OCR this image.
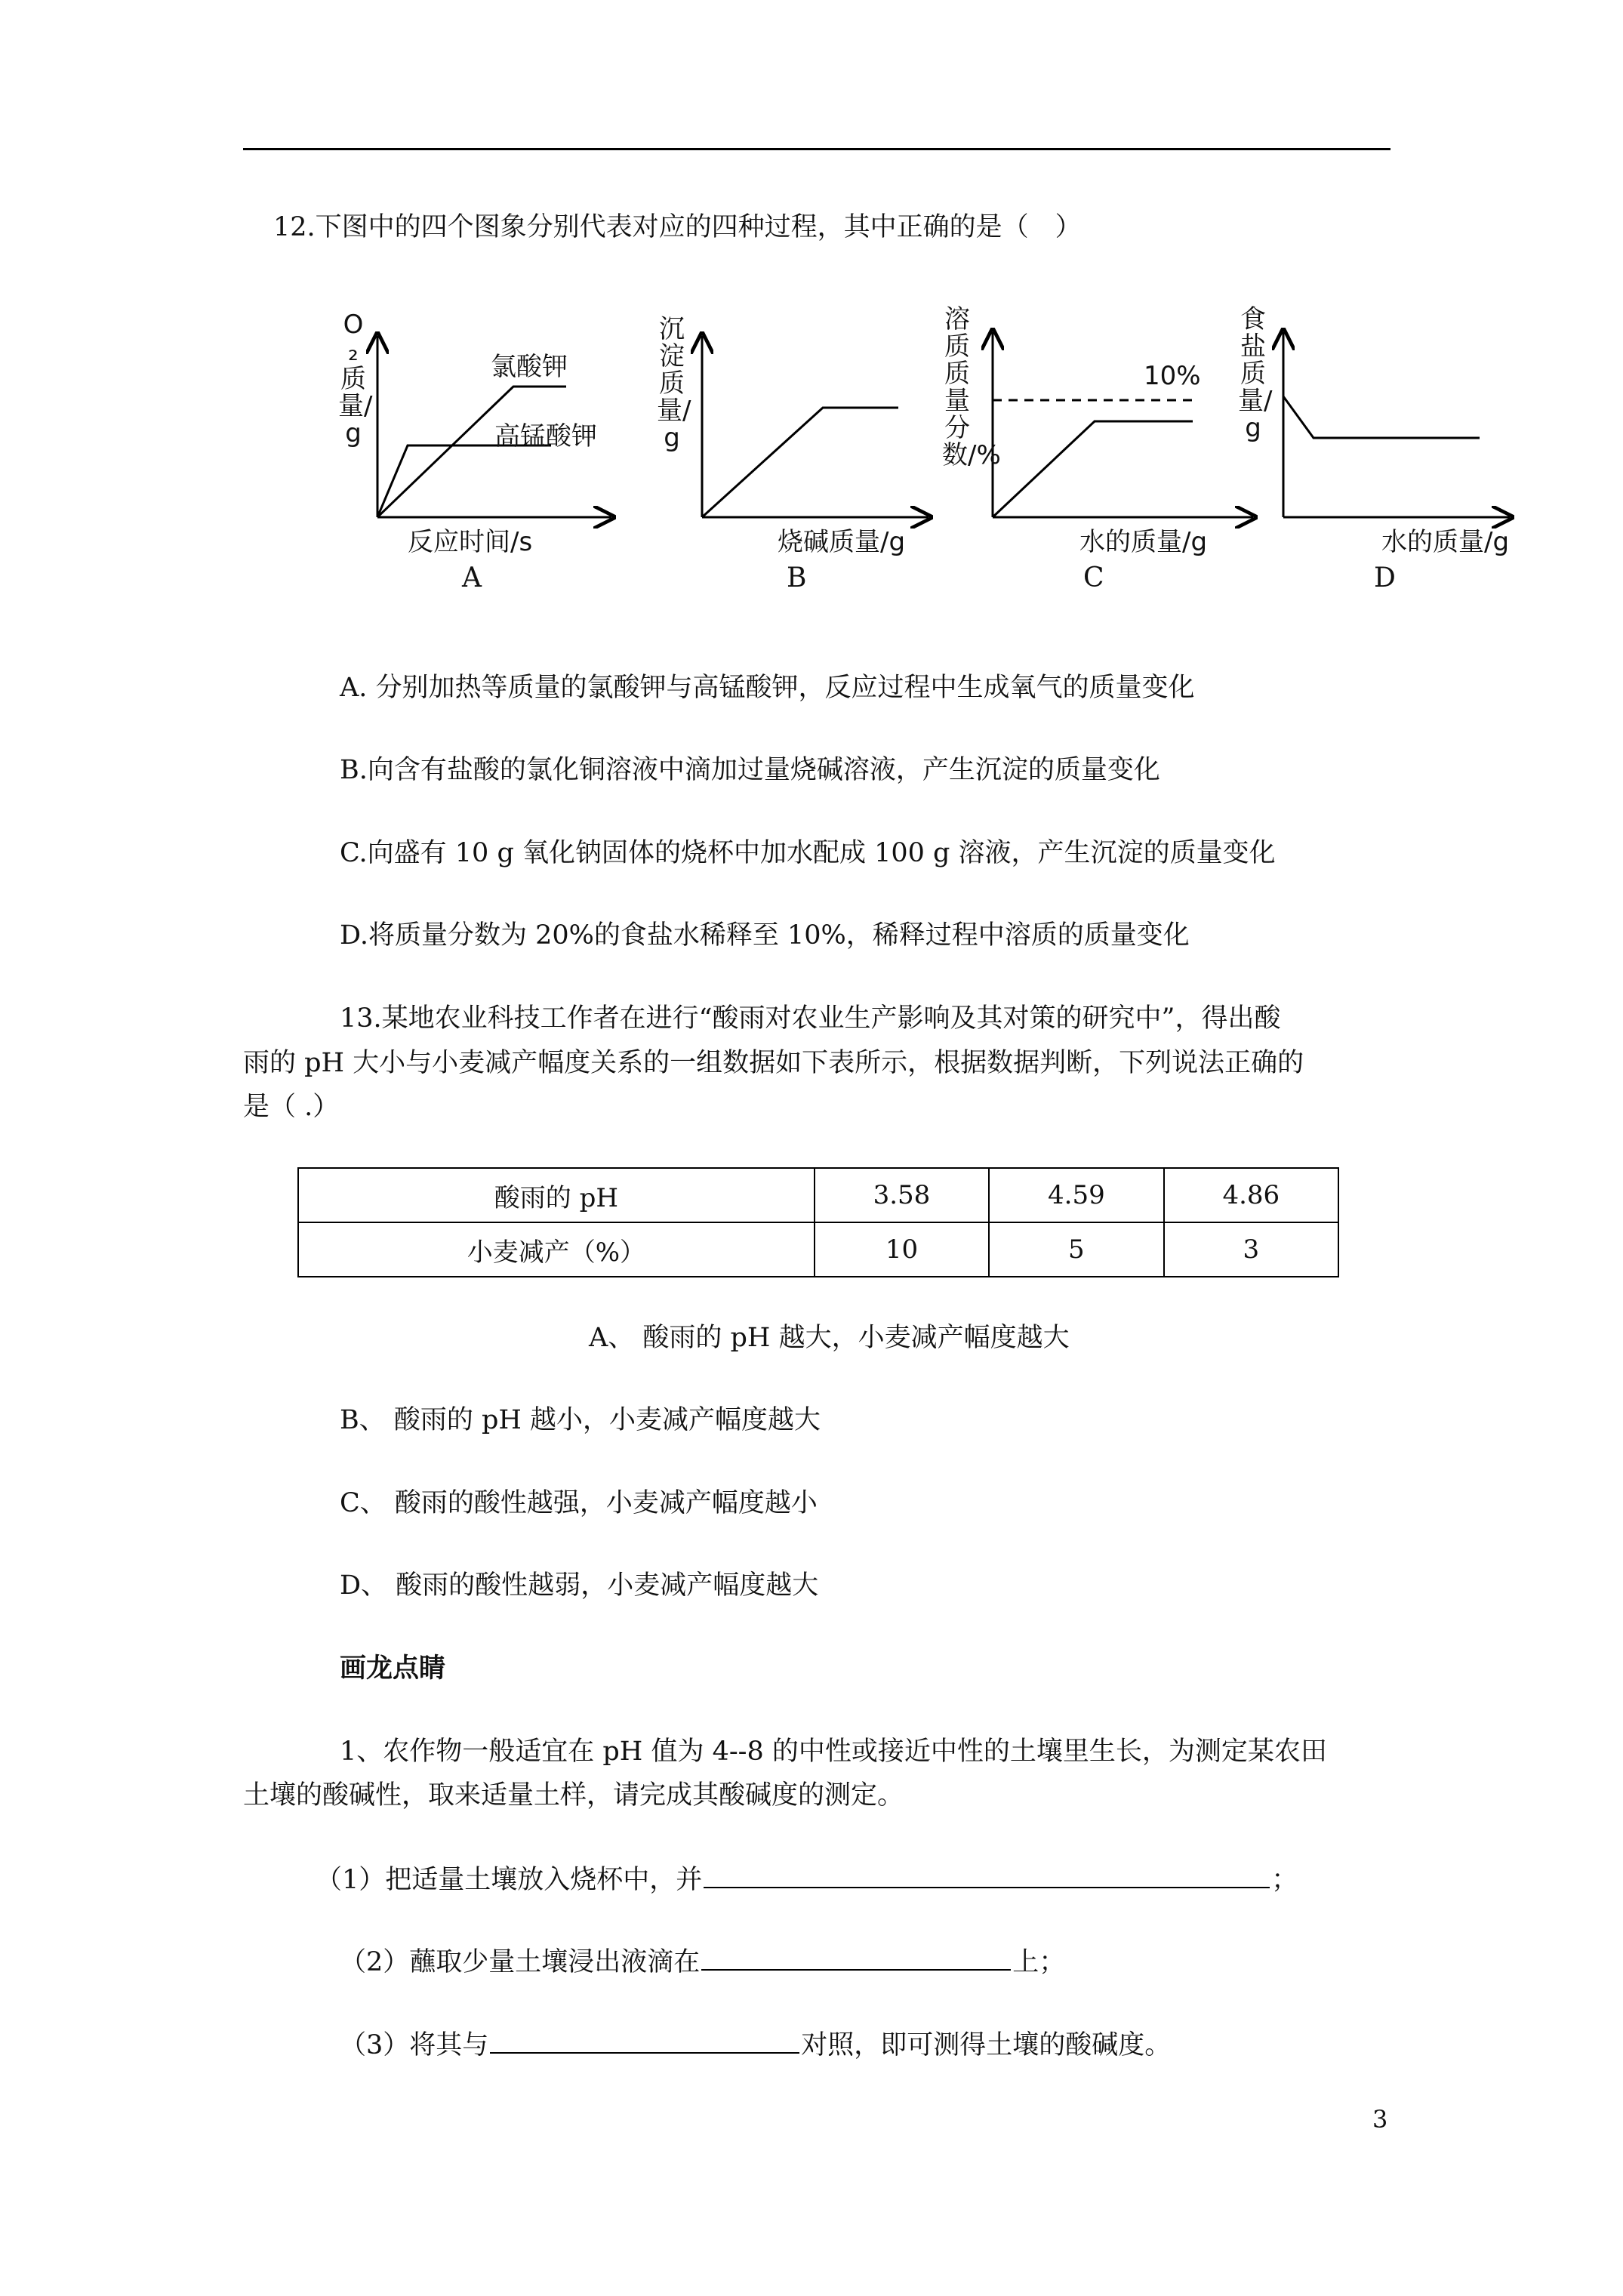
12.下图中的四个图象分别代表对应的四种过程，其中正确的是（　）
O₂质量/g
氯酸钾
高锰酸钾
反应时间/s
A
沉淀质量/g
烧碱质量/g
B
溶质质量分数/%
10%
水的质量/g
C
食盐质量/g
水的质量/g
D
A. 分别加热等质量的氯酸钾与高锰酸钾，反应过程中生成氧气的质量变化
B.向含有盐酸的氯化铜溶液中滴加过量烧碱溶液，产生沉淀的质量变化
C.向盛有 10 g 氧化钠固体的烧杯中加水配成 100 g 溶液，产生沉淀的质量变化
D.将质量分数为 20%的食盐水稀释至 10%，稀释过程中溶质的质量变化
13.某地农业科技工作者在进行“酸雨对农业生产影响及其对策的研究中”，得出酸
雨的 pH 大小与小麦减产幅度关系的一组数据如下表所示，根据数据判断，下列说法正确的
是（ .）
酸雨的 pH	3.58	4.59	4.86
小麦减产（%）	10	5	3
A、 酸雨的 pH 越大，小麦减产幅度越大
B、 酸雨的 pH 越小，小麦减产幅度越大
C、 酸雨的酸性越强，小麦减产幅度越小
D、 酸雨的酸性越弱，小麦减产幅度越大
画龙点睛
1、农作物一般适宜在 pH 值为 4--8 的中性或接近中性的土壤里生长，为测定某农田
土壤的酸碱性，取来适量土样，请完成其酸碱度的测定。
（1）把适量土壤放入烧杯中，并	；
（2）蘸取少量土壤浸出液滴在	上；
（3）将其与	对照，即可测得土壤的酸碱度。
3
